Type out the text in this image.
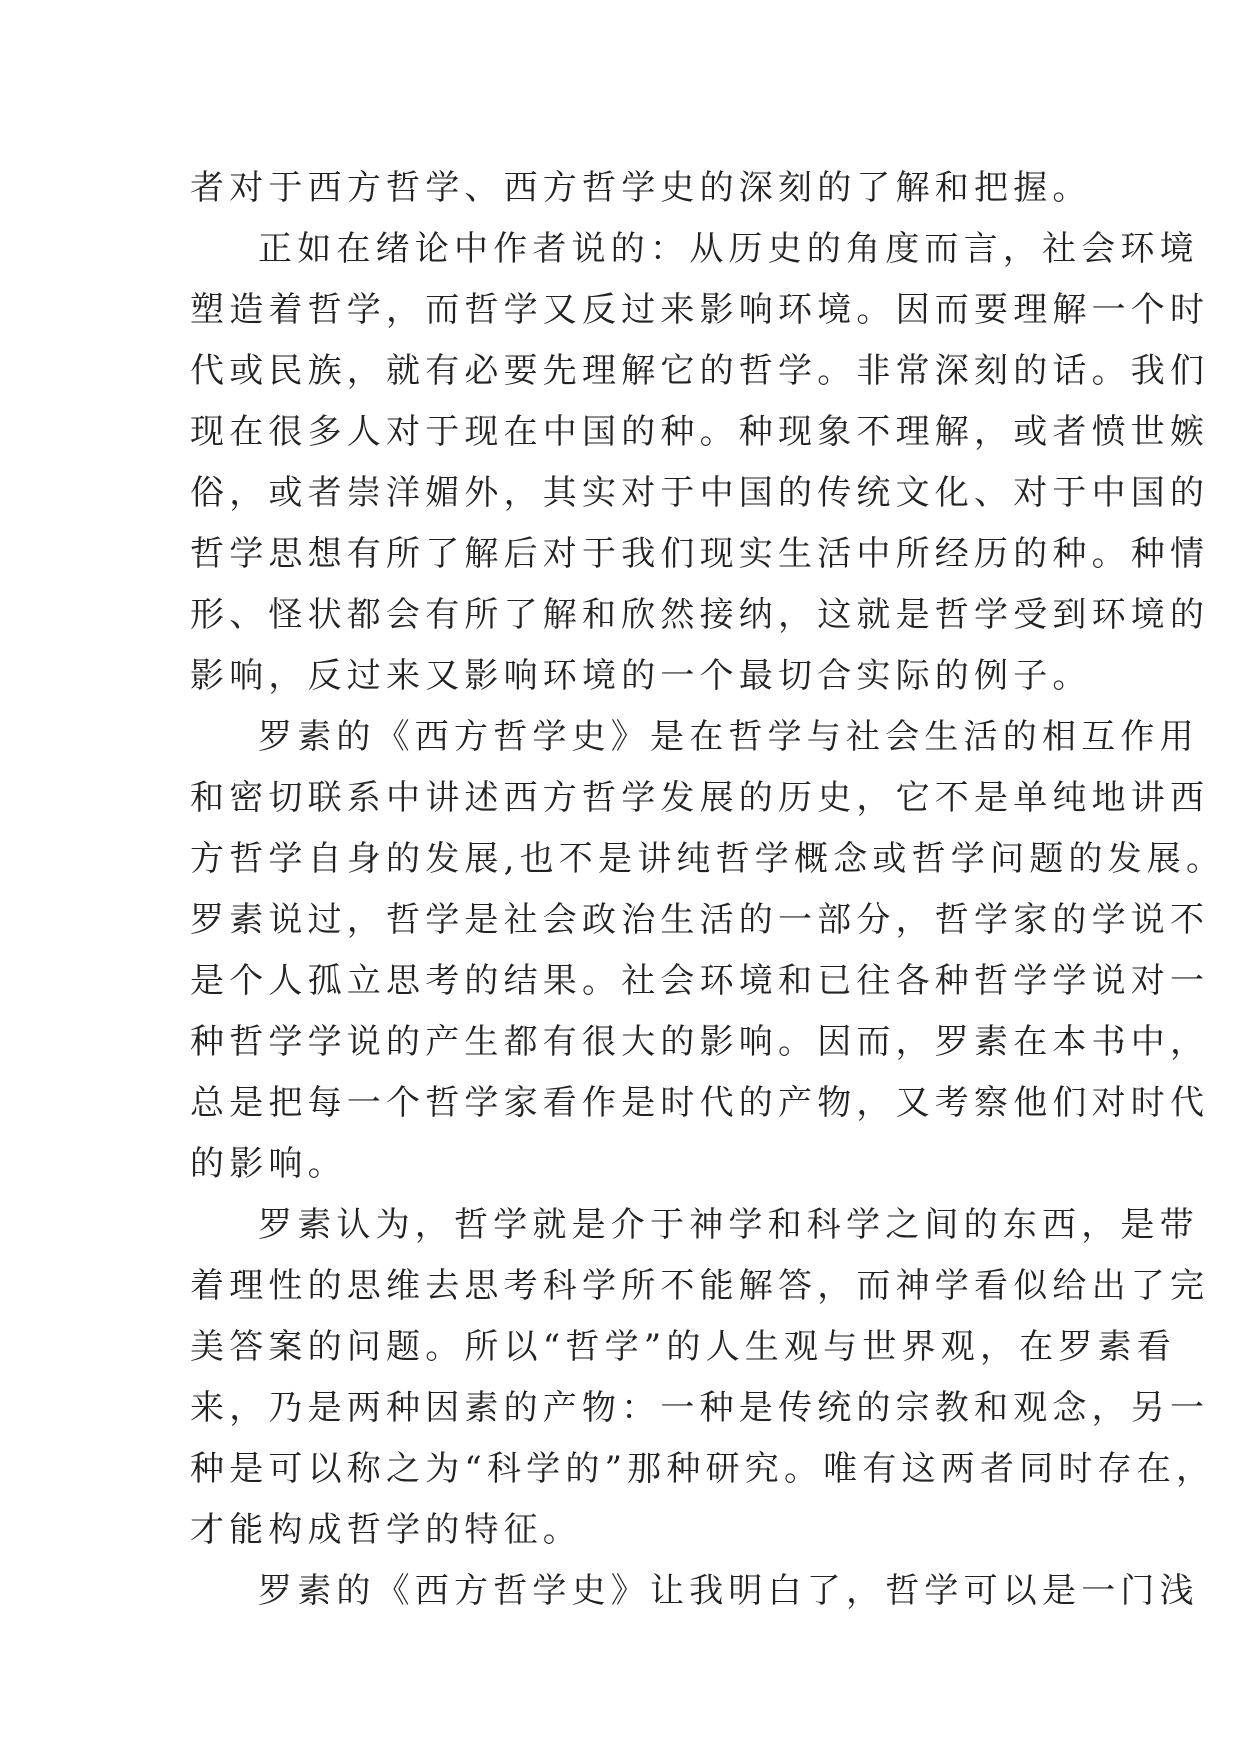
者对于西方哲学、西方哲学史的深刻的了解和把握。
正如在绪论中作者说的：从历史的角度而言，社会环境
塑造着哲学，而哲学又反过来影响环境。因而要理解一个时
代或民族，就有必要先理解它的哲学。非常深刻的话。我们
现在很多人对于现在中国的种。种现象不理解，或者愤世嫉
俗，或者崇洋媚外，其实对于中国的传统文化、对于中国的
哲学思想有所了解后对于我们现实生活中所经历的种。种情
形、怪状都会有所了解和欣然接纳，这就是哲学受到环境的
影响，反过来又影响环境的一个最切合实际的例子。
罗素的《西方哲学史》是在哲学与社会生活的相互作用
和密切联系中讲述西方哲学发展的历史，它不是单纯地讲西
方哲学自身的发展,也不是讲纯哲学概念或哲学问题的发展。
罗素说过，哲学是社会政治生活的一部分，哲学家的学说不
是个人孤立思考的结果。社会环境和已往各种哲学学说对一
种哲学学说的产生都有很大的影响。因而，罗素在本书中，
总是把每一个哲学家看作是时代的产物，又考察他们对时代
的影响。
罗素认为，哲学就是介于神学和科学之间的东西，是带
着理性的思维去思考科学所不能解答，而神学看似给出了完
美答案的问题。所以“哲学”的人生观与世界观，在罗素看
来，乃是两种因素的产物：一种是传统的宗教和观念，另一
种是可以称之为“科学的”那种研究。唯有这两者同时存在，
才能构成哲学的特征。
罗素的《西方哲学史》让我明白了，哲学可以是一门浅
